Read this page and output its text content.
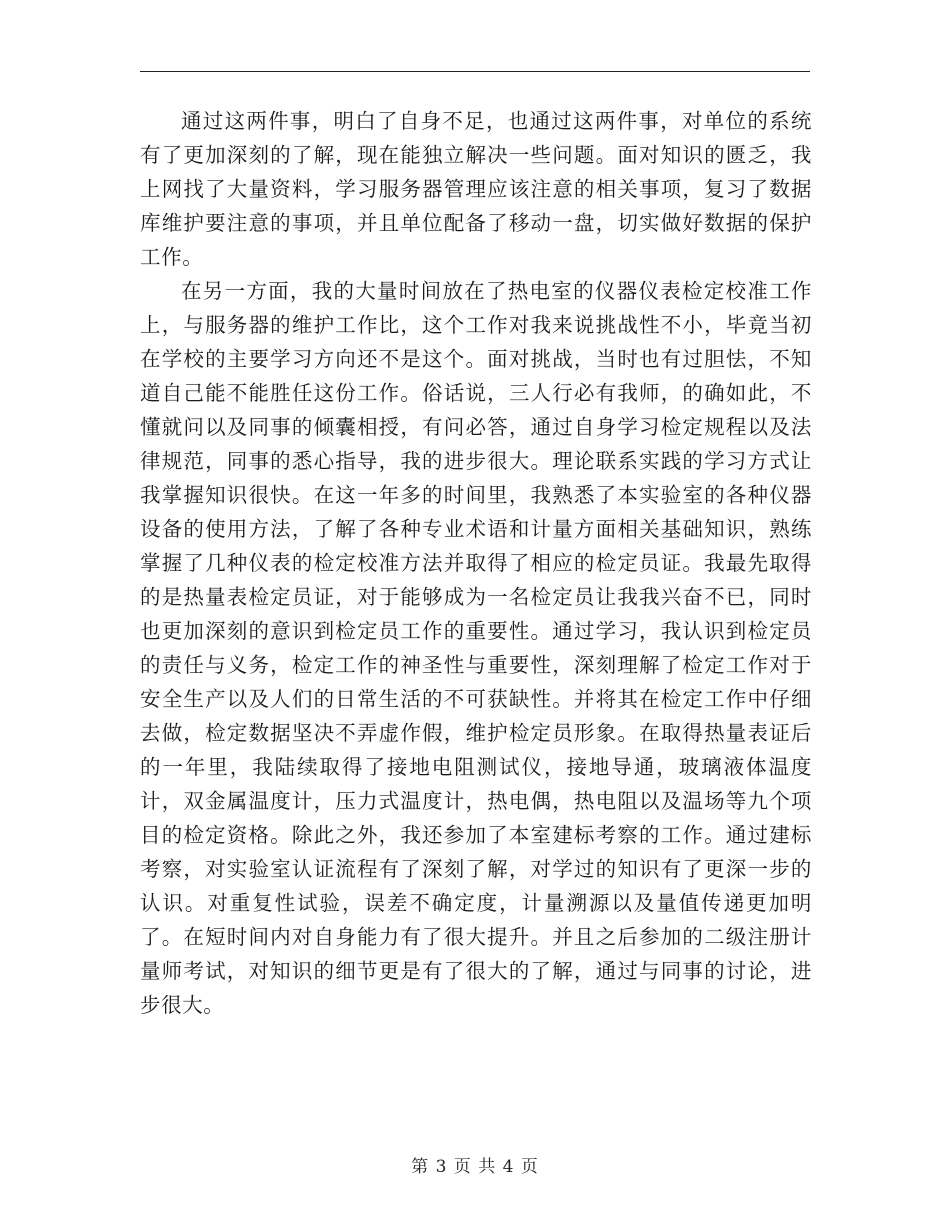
通过这两件事，明白了自身不足，也通过这两件事，对单位的系统有了更加深刻的了解，现在能独立解决一些问题。面对知识的匮乏，我上网找了大量资料，学习服务器管理应该注意的相关事项，复习了数据库维护要注意的事项，并且单位配备了移动一盘，切实做好数据的保护工作。

在另一方面，我的大量时间放在了热电室的仪器仪表检定校准工作上，与服务器的维护工作比，这个工作对我来说挑战性不小，毕竟当初在学校的主要学习方向还不是这个。面对挑战，当时也有过胆怯，不知道自己能不能胜任这份工作。俗话说，三人行必有我师，的确如此，不懂就问以及同事的倾囊相授，有问必答，通过自身学习检定规程以及法律规范，同事的悉心指导，我的进步很大。理论联系实践的学习方式让我掌握知识很快。在这一年多的时间里，我熟悉了本实验室的各种仪器设备的使用方法，了解了各种专业术语和计量方面相关基础知识，熟练掌握了几种仪表的检定校准方法并取得了相应的检定员证。我最先取得的是热量表检定员证，对于能够成为一名检定员让我我兴奋不已，同时也更加深刻的意识到检定员工作的重要性。通过学习，我认识到检定员的责任与义务，检定工作的神圣性与重要性，深刻理解了检定工作对于安全生产以及人们的日常生活的不可获缺性。并将其在检定工作中仔细去做，检定数据坚决不弄虚作假，维护检定员形象。在取得热量表证后的一年里，我陆续取得了接地电阻测试仪，接地导通，玻璃液体温度计，双金属温度计，压力式温度计，热电偶，热电阻以及温场等九个项目的检定资格。除此之外，我还参加了本室建标考察的工作。通过建标考察，对实验室认证流程有了深刻了解，对学过的知识有了更深一步的认识。对重复性试验，误差不确定度，计量溯源以及量值传递更加明了。在短时间内对自身能力有了很大提升。并且之后参加的二级注册计量师考试，对知识的细节更是有了很大的了解，通过与同事的讨论，进步很大。

第 3 页 共 4 页
